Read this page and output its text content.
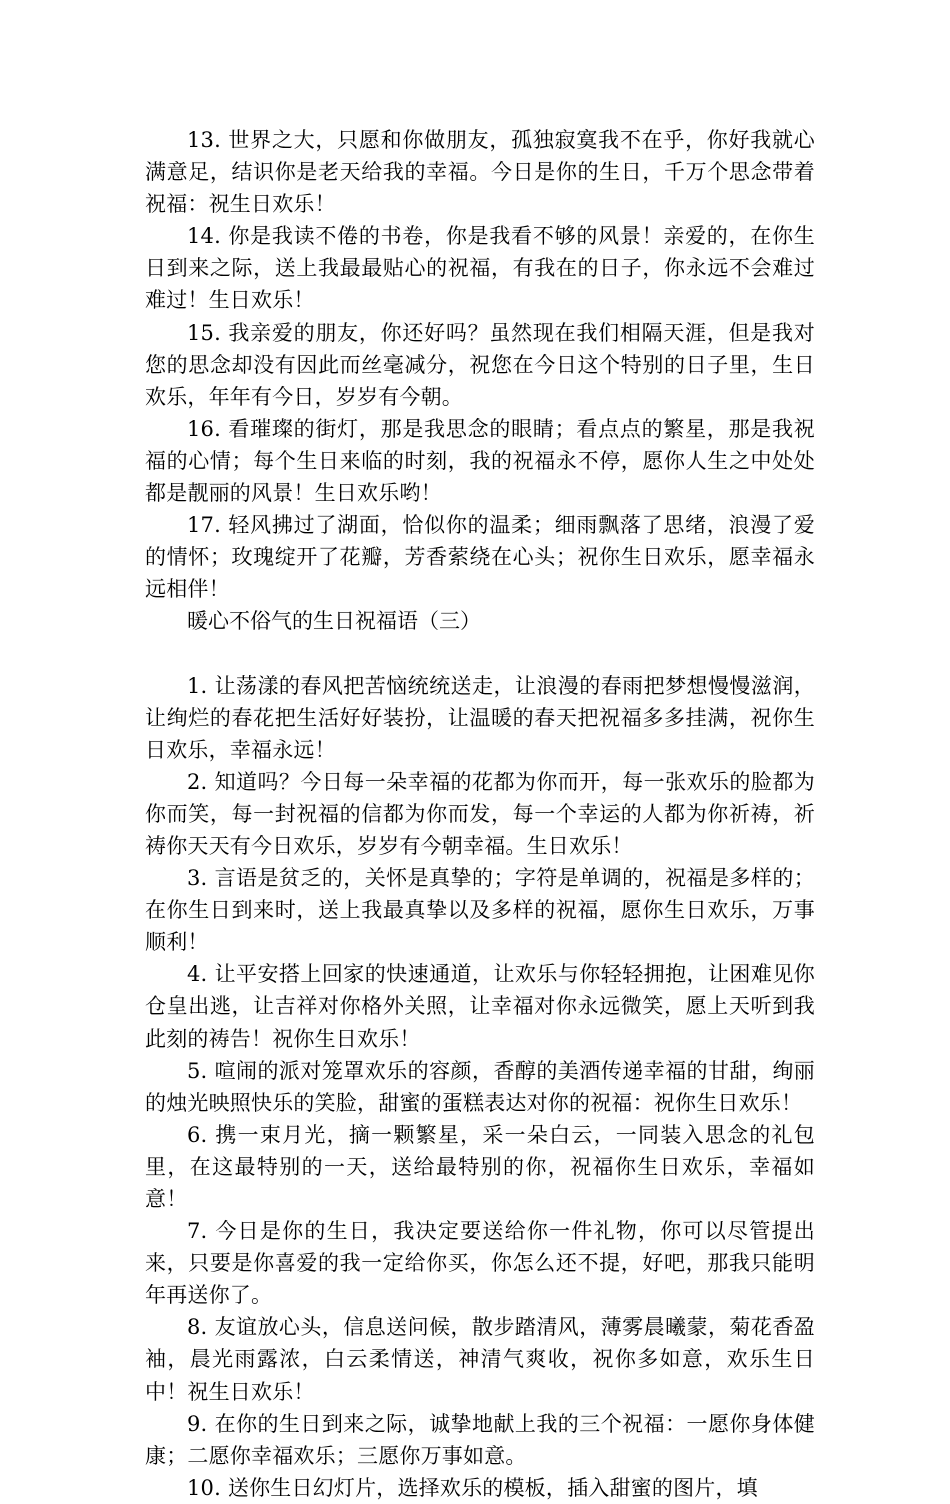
13. 世界之大，只愿和你做朋友，孤独寂寞我不在乎，你好我就心满意足，结识你是老天给我的幸福。今日是你的生日，千万个思念带着祝福：祝生日欢乐！

14. 你是我读不倦的书卷，你是我看不够的风景！亲爱的，在你生日到来之际，送上我最最贴心的祝福，有我在的日子，你永远不会难过难过！生日欢乐！

15. 我亲爱的朋友，你还好吗？虽然现在我们相隔天涯，但是我对您的思念却没有因此而丝毫减分，祝您在今日这个特别的日子里，生日欢乐，年年有今日，岁岁有今朝。

16. 看璀璨的街灯，那是我思念的眼睛；看点点的繁星，那是我祝福的心情；每个生日来临的时刻，我的祝福永不停，愿你人生之中处处都是靓丽的风景！生日欢乐哟！

17. 轻风拂过了湖面，恰似你的温柔；细雨飘落了思绪，浪漫了爱的情怀；玫瑰绽开了花瓣，芳香萦绕在心头；祝你生日欢乐，愿幸福永远相伴！

暖心不俗气的生日祝福语（三）

1. 让荡漾的春风把苦恼统统送走，让浪漫的春雨把梦想慢慢滋润，让绚烂的春花把生活好好装扮，让温暖的春天把祝福多多挂满，祝你生日欢乐，幸福永远！

2. 知道吗？今日每一朵幸福的花都为你而开，每一张欢乐的脸都为你而笑，每一封祝福的信都为你而发，每一个幸运的人都为你祈祷，祈祷你天天有今日欢乐，岁岁有今朝幸福。生日欢乐！

3. 言语是贫乏的，关怀是真挚的；字符是单调的，祝福是多样的；在你生日到来时，送上我最真挚以及多样的祝福，愿你生日欢乐，万事顺利！

4. 让平安搭上回家的快速通道，让欢乐与你轻轻拥抱，让困难见你仓皇出逃，让吉祥对你格外关照，让幸福对你永远微笑，愿上天听到我此刻的祷告！祝你生日欢乐！

5. 喧闹的派对笼罩欢乐的容颜，香醇的美酒传递幸福的甘甜，绚丽的烛光映照快乐的笑脸，甜蜜的蛋糕表达对你的祝福：祝你生日欢乐！

6. 携一束月光，摘一颗繁星，采一朵白云，一同装入思念的礼包里，在这最特别的一天，送给最特别的你，祝福你生日欢乐，幸福如意！

7. 今日是你的生日，我决定要送给你一件礼物，你可以尽管提出来，只要是你喜爱的我一定给你买，你怎么还不提，好吧，那我只能明年再送你了。

8. 友谊放心头，信息送问候，散步踏清风，薄雾晨曦蒙，菊花香盈袖，晨光雨露浓，白云柔情送，神清气爽收，祝你多如意，欢乐生日中！祝生日欢乐！

9. 在你的生日到来之际，诚挚地献上我的三个祝福：一愿你身体健康；二愿你幸福欢乐；三愿你万事如意。

10. 送你生日幻灯片，选择欢乐的模板，插入甜蜜的图片，填
